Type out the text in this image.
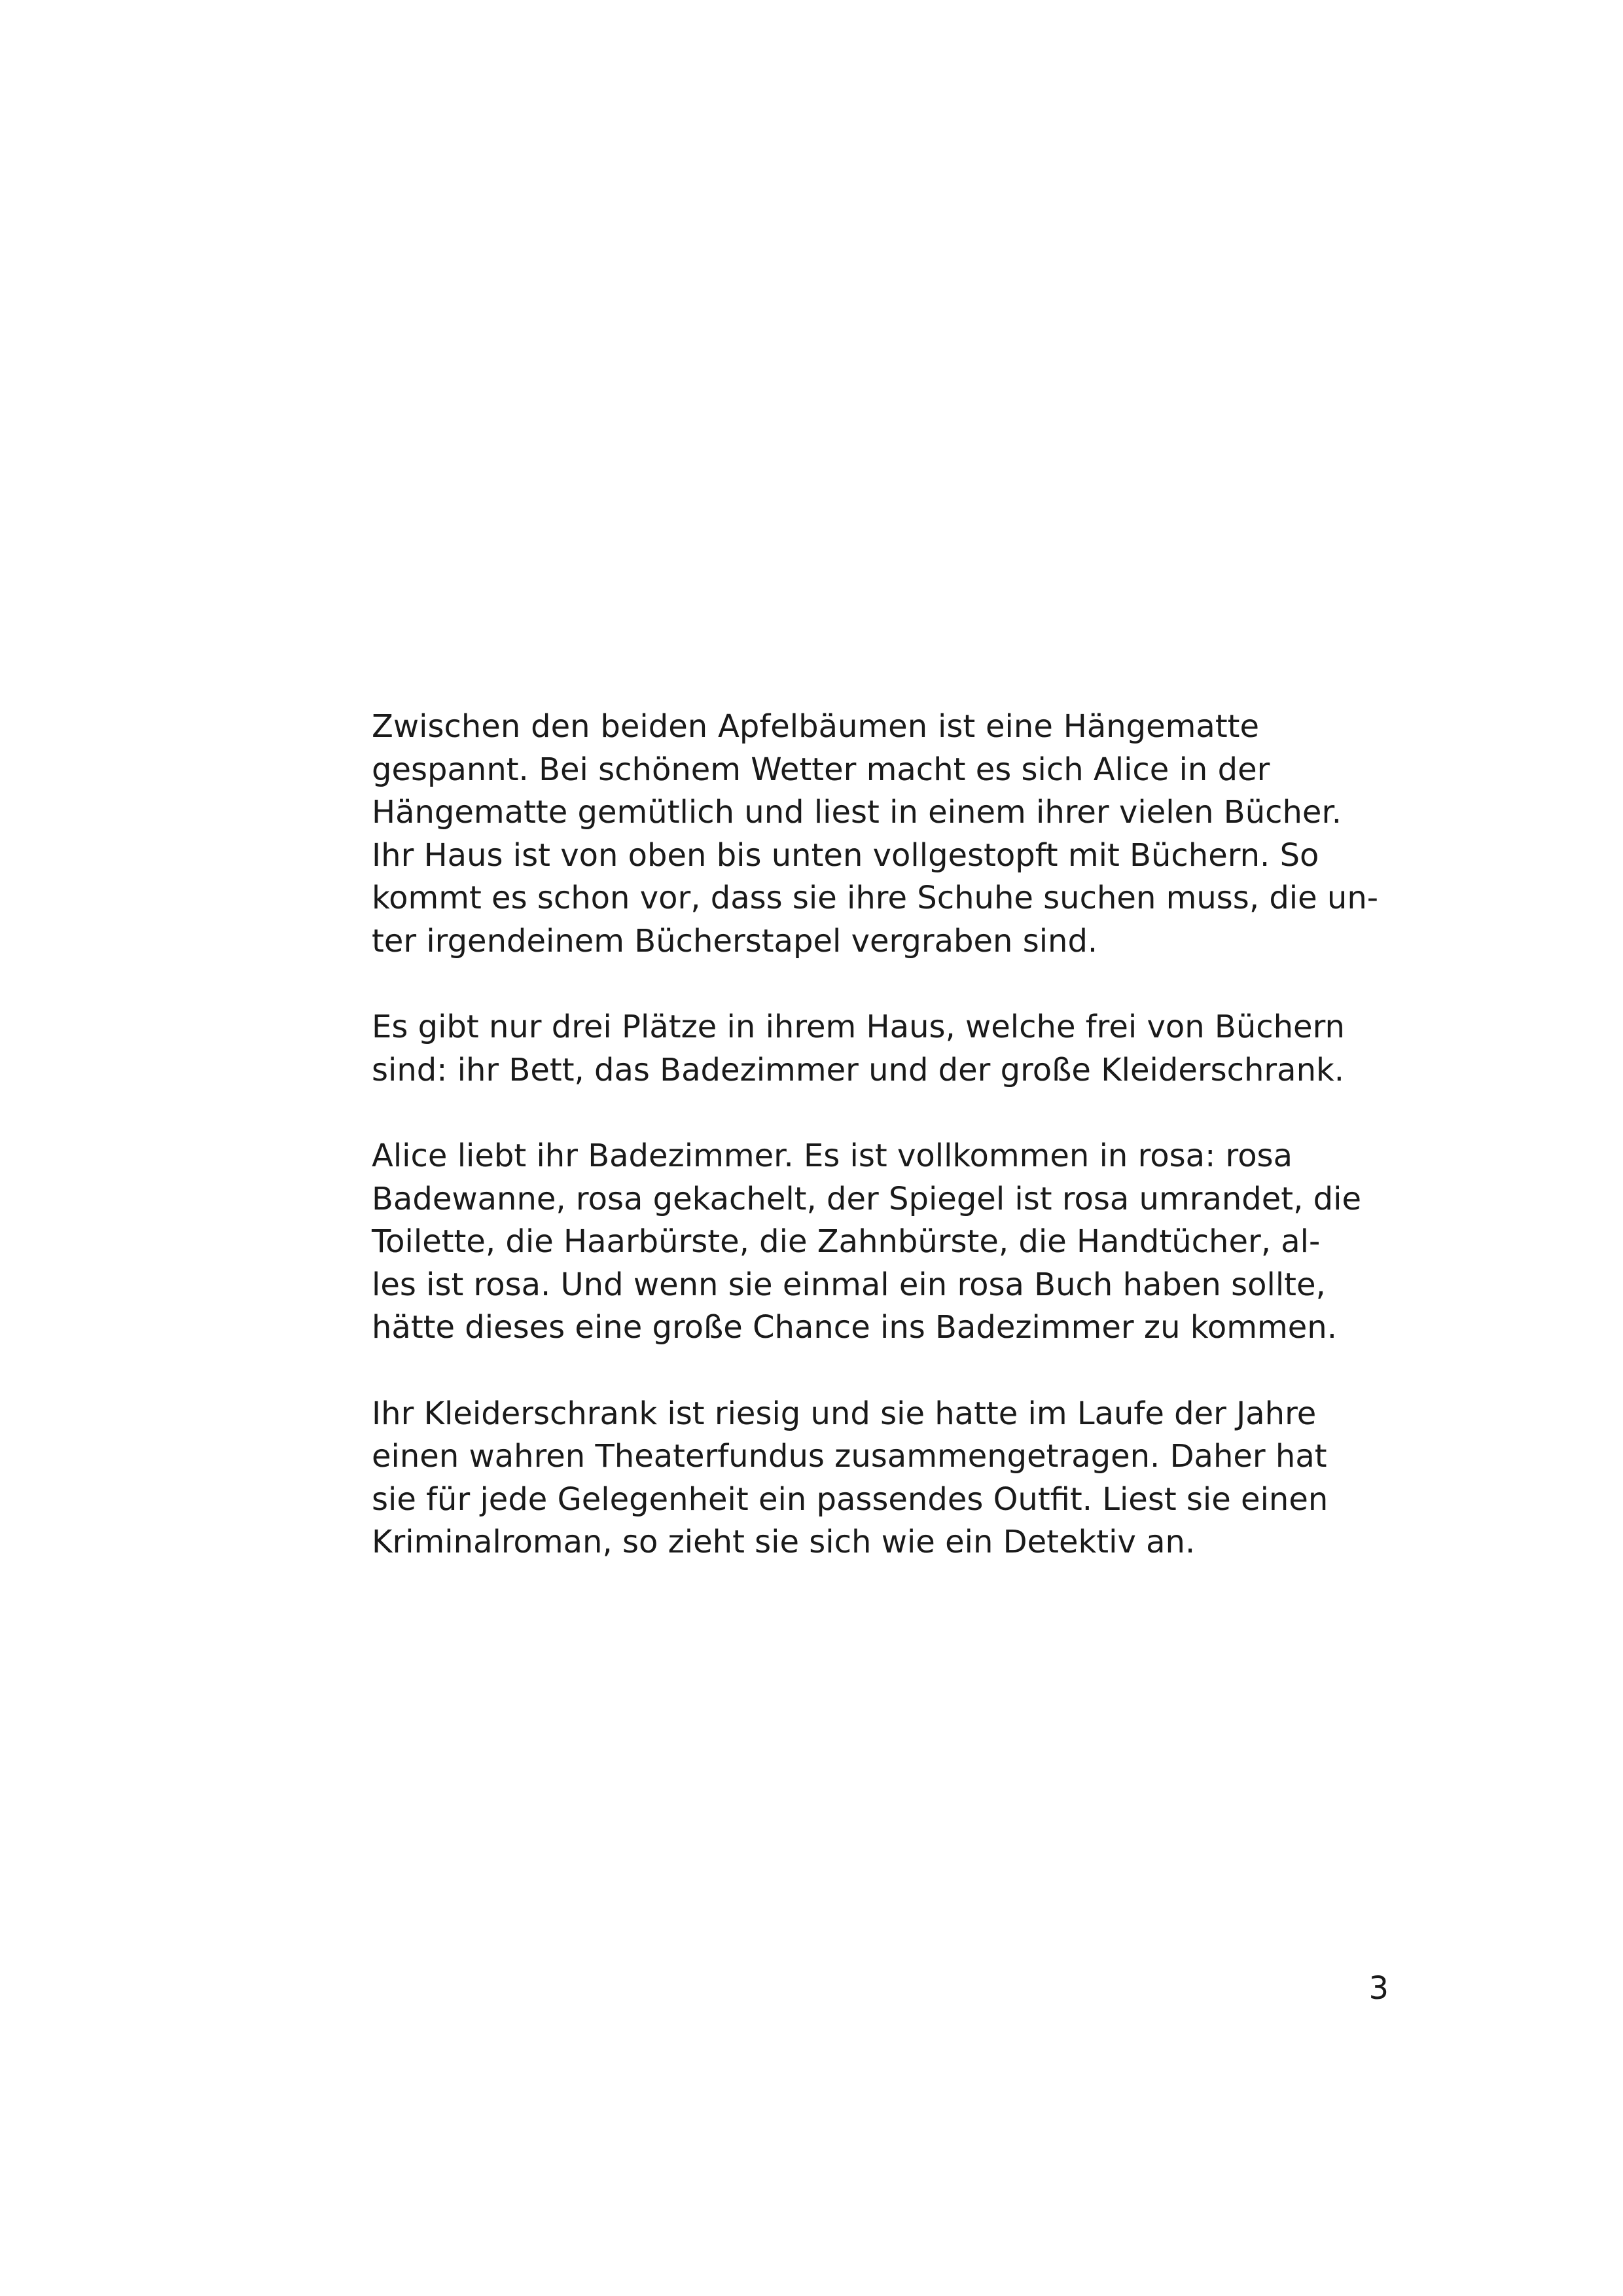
Zwischen den beiden Apfelbäumen ist eine Hängematte
gespannt. Bei schönem Wetter macht es sich Alice in der
Hängematte gemütlich und liest in einem ihrer vielen Bücher.
Ihr Haus ist von oben bis unten vollgestopft mit Büchern. So
kommt es schon vor, dass sie ihre Schuhe suchen muss, die un-
ter irgendeinem Bücherstapel vergraben sind.
Es gibt nur drei Plätze in ihrem Haus, welche frei von Büchern
sind: ihr Bett, das Badezimmer und der große Kleiderschrank.
Alice liebt ihr Badezimmer. Es ist vollkommen in rosa: rosa
Badewanne, rosa gekachelt, der Spiegel ist rosa umrandet, die
Toilette, die Haarbürste, die Zahnbürste, die Handtücher, al-
les ist rosa. Und wenn sie einmal ein rosa Buch haben sollte,
hätte dieses eine große Chance ins Badezimmer zu kommen.
Ihr Kleiderschrank ist riesig und sie hatte im Laufe der Jahre
einen wahren Theaterfundus zusammengetragen. Daher hat
sie für jede Gelegenheit ein passendes Outfit. Liest sie einen
Kriminalroman, so zieht sie sich wie ein Detektiv an.
3
